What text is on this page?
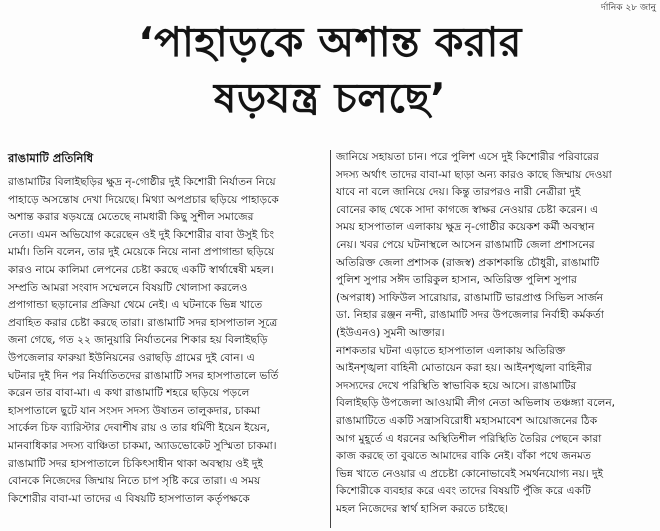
র্দানিক ২৮ জানু
‘পাহাড়কে অশান্ত করার
ষড়যন্ত্র চলছে’
রাঙামাটি প্রতিনিধি
রাঙামাটির বিলাইছড়ির ক্ষুদ্র নৃ-গোষ্ঠীর দুই কিশোরী নির্যাতন নিয়ে
পাহাড়ে অসন্তোষ দেখা দিয়েছে। মিথ্যা অপপ্রচার ছড়িয়ে পাহাড়কে
অশান্ত করার ষড়যন্ত্রে মেতেছে নামধারী কিছু সুশীল সমাজের
নেতা। এমন অভিযোগ করেছেন ওই দুই কিশোরীর বাবা উসুই চিং
মার্মা। তিনি বলেন, তার দুই মেয়েকে নিয়ে নানা প্রপাগান্ডা ছড়িয়ে
কারও নামে কালিমা লেপনের চেষ্টা করছে একটি স্বার্থান্বেষী মহল।
সম্প্রতি আমরা সংবাদ সম্মেলনে বিষয়টি খোলাসা করলেও
প্রপাগান্ডা ছড়ানোর প্রক্রিয়া থেমে নেই। এ ঘটনাকে ভিন্ন খাতে
প্রবাহিত করার চেষ্টা করছে তারা। রাঙামাটি সদর হাসপাতাল সূত্রে
জনা গেছে, গত ২২ জানুয়ারি নির্যাতনের শিকার হয় বিলাইছড়ি
উপজেলার ফারুয়া ইউনিয়নের ওরাছড়ি গ্রামের দুই বোন। এ
ঘটনার দুই দিন পর নির্যাতিতদের রাঙামাটি সদর হাসপাতালে ভর্তি
করেন তার বাবা-মা। এ কথা রাঙামাটি শহরে ছড়িয়ে পড়লে
হাসপাতালে ছুটে যান সংসদ সদস্য উষাতন তালুকদার, চাকমা
সার্কেল চিফ ব্যারিস্টার দেবাশীষ রায় ও তার ধর্মিণী ইয়েন ইয়েন,
মানবাধিকার সদস্য বাঞ্চিতা চাকমা, অ্যাডভোকেট সুস্মিতা চাকমা।
রাঙামাটি সদর হাসপাতালে চিকিৎসাধীন থাকা অবস্থায় ওই দুই
বোনকে নিজেদের জিম্মায় নিতে চাপ সৃষ্টি করে তারা। এ সময়
কিশোরীর বাবা-মা তাদের এ বিষয়টি হাসপাতাল কর্তৃপক্ষকে
জানিয়ে সহায়তা চান। পরে পুলিশ এসে দুই কিশোরীর পরিবারের
সদস্য অর্থাৎ তাদের বাবা-মা ছাড়া অন্য কারও কাছে জিম্মায় দেওয়া
যাবে না বলে জানিয়ে দেয়। কিন্তু তারপরও নারী নেত্রীরা দুই
বোনের কাছ থেকে সাদা কাগজে স্বাক্ষর নেওয়ার চেষ্টা করেন। এ
সময় হাসপাতাল এলাকায় ক্ষুদ্র নৃ-গোষ্ঠীর কয়েকশ কর্মী অবস্থান
নেয়। খবর পেয়ে ঘটনাস্থলে আসেন রাঙামাটি জেলা প্রশাসনের
অতিরিক্ত জেলা প্রশাসক (রাজস্ব) প্রকাশকান্তি চৌধুরী, রাঙামাটি
পুলিশ সুপার সঈদ তারিকুল হাসান, অতিরিক্ত পুলিশ সুপার
(অপরাধ) সাফিউল সারোয়ার, রাঙামাটি ভারপ্রাপ্ত সিভিল সার্জন
ডা. নিহার রঞ্জন নন্দী, রাঙামাটি সদর উপজেলার নির্বাহী কর্মকর্তা
(ইউএনও) সুমনী আক্তার।
নাশকতার ঘটনা এড়াতে হাসপাতাল এলাকায় অতিরিক্ত
আইনশৃঙ্খলা বাহিনী মোতায়েন করা হয়। আইনশৃঙ্খলা বাহিনীর
সদস্যদের দেখে পরিস্থিতি স্বাভাবিক হয়ে আসে। রাঙামাটির
বিলাইছড়ি উপজেলা আওয়ামী লীগ নেতা অভিলাষ তঞ্চঙ্গ্যা বলেন,
রাঙামাটিতে একটি সন্ত্রাসবিরোধী মহাসমাবেশ আয়োজনের ঠিক
আগ মুহূর্তে এ ধরনের অস্থিতিশীল পরিস্থিতি তৈরির পেছনে কারা
কাজ করছে তা বুঝতে আমাদের বাকি নেই। বাঁকা পথে জনমত
ভিন্ন খাতে নেওয়ার এ প্রচেষ্টা কোনোভাবেই সমর্থনযোগ্য নয়। দুই
কিশোরীকে ব্যবহার করে এবং তাদের বিষয়টি পুঁজি করে একটি
মহল নিজেদের স্বার্থ হাসিল করতে চাইছে।
